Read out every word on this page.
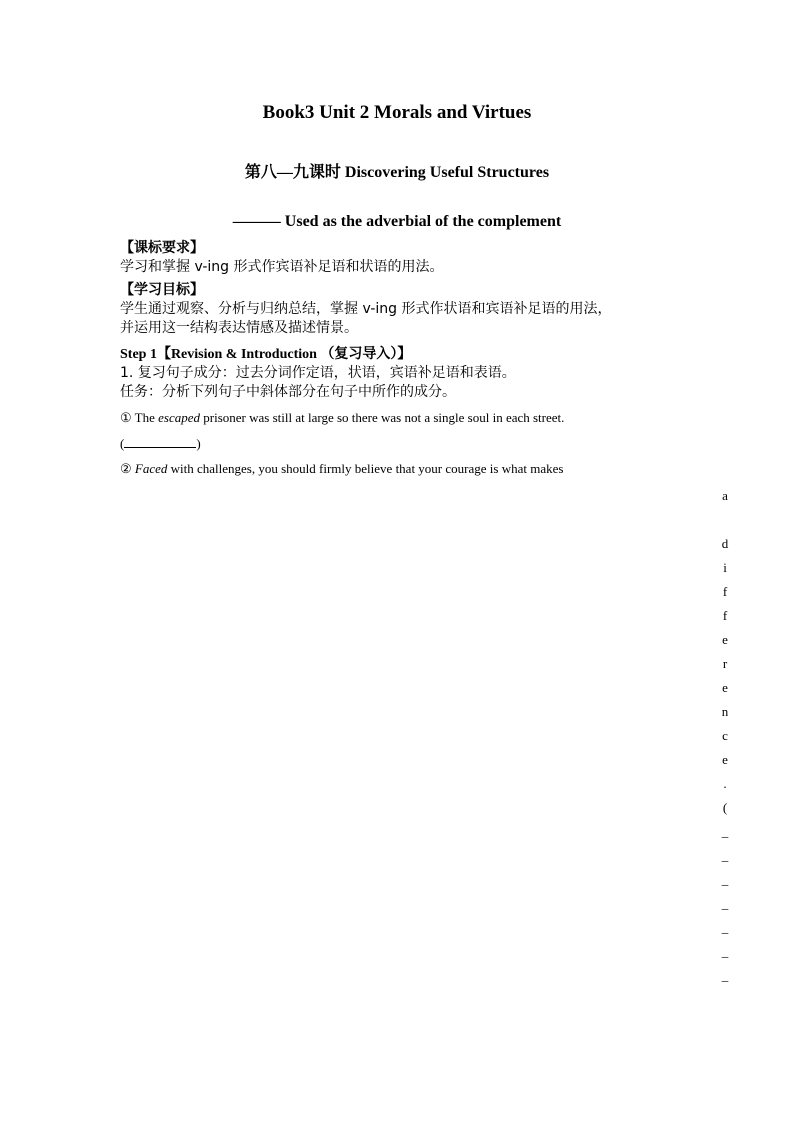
Book3 Unit 2 Morals and Virtues
第八—九课时 Discovering Useful Structures
——— Used as the adverbial of the complement
【课标要求】
学习和掌握 v-ing 形式作宾语补足语和状语的用法。
【学习目标】
学生通过观察、分析与归纳总结，掌握 v-ing 形式作状语和宾语补足语的用法，
并运用这一结构表达情感及描述情景。
Step 1【Revision & Introduction （复习导入）】
1. 复习句子成分：过去分词作定语，状语，宾语补足语和表语。
任务：分析下列句子中斜体部分在句子中所作的成分。
① The escaped prisoner was still at large so there was not a single soul in each street.
(	)
② Faced with challenges, you should firmly believe that your courage is what makes
a

d
i
f
f
e
r
e
n
c
e
.
(
_
_
_
_
_
_
_
